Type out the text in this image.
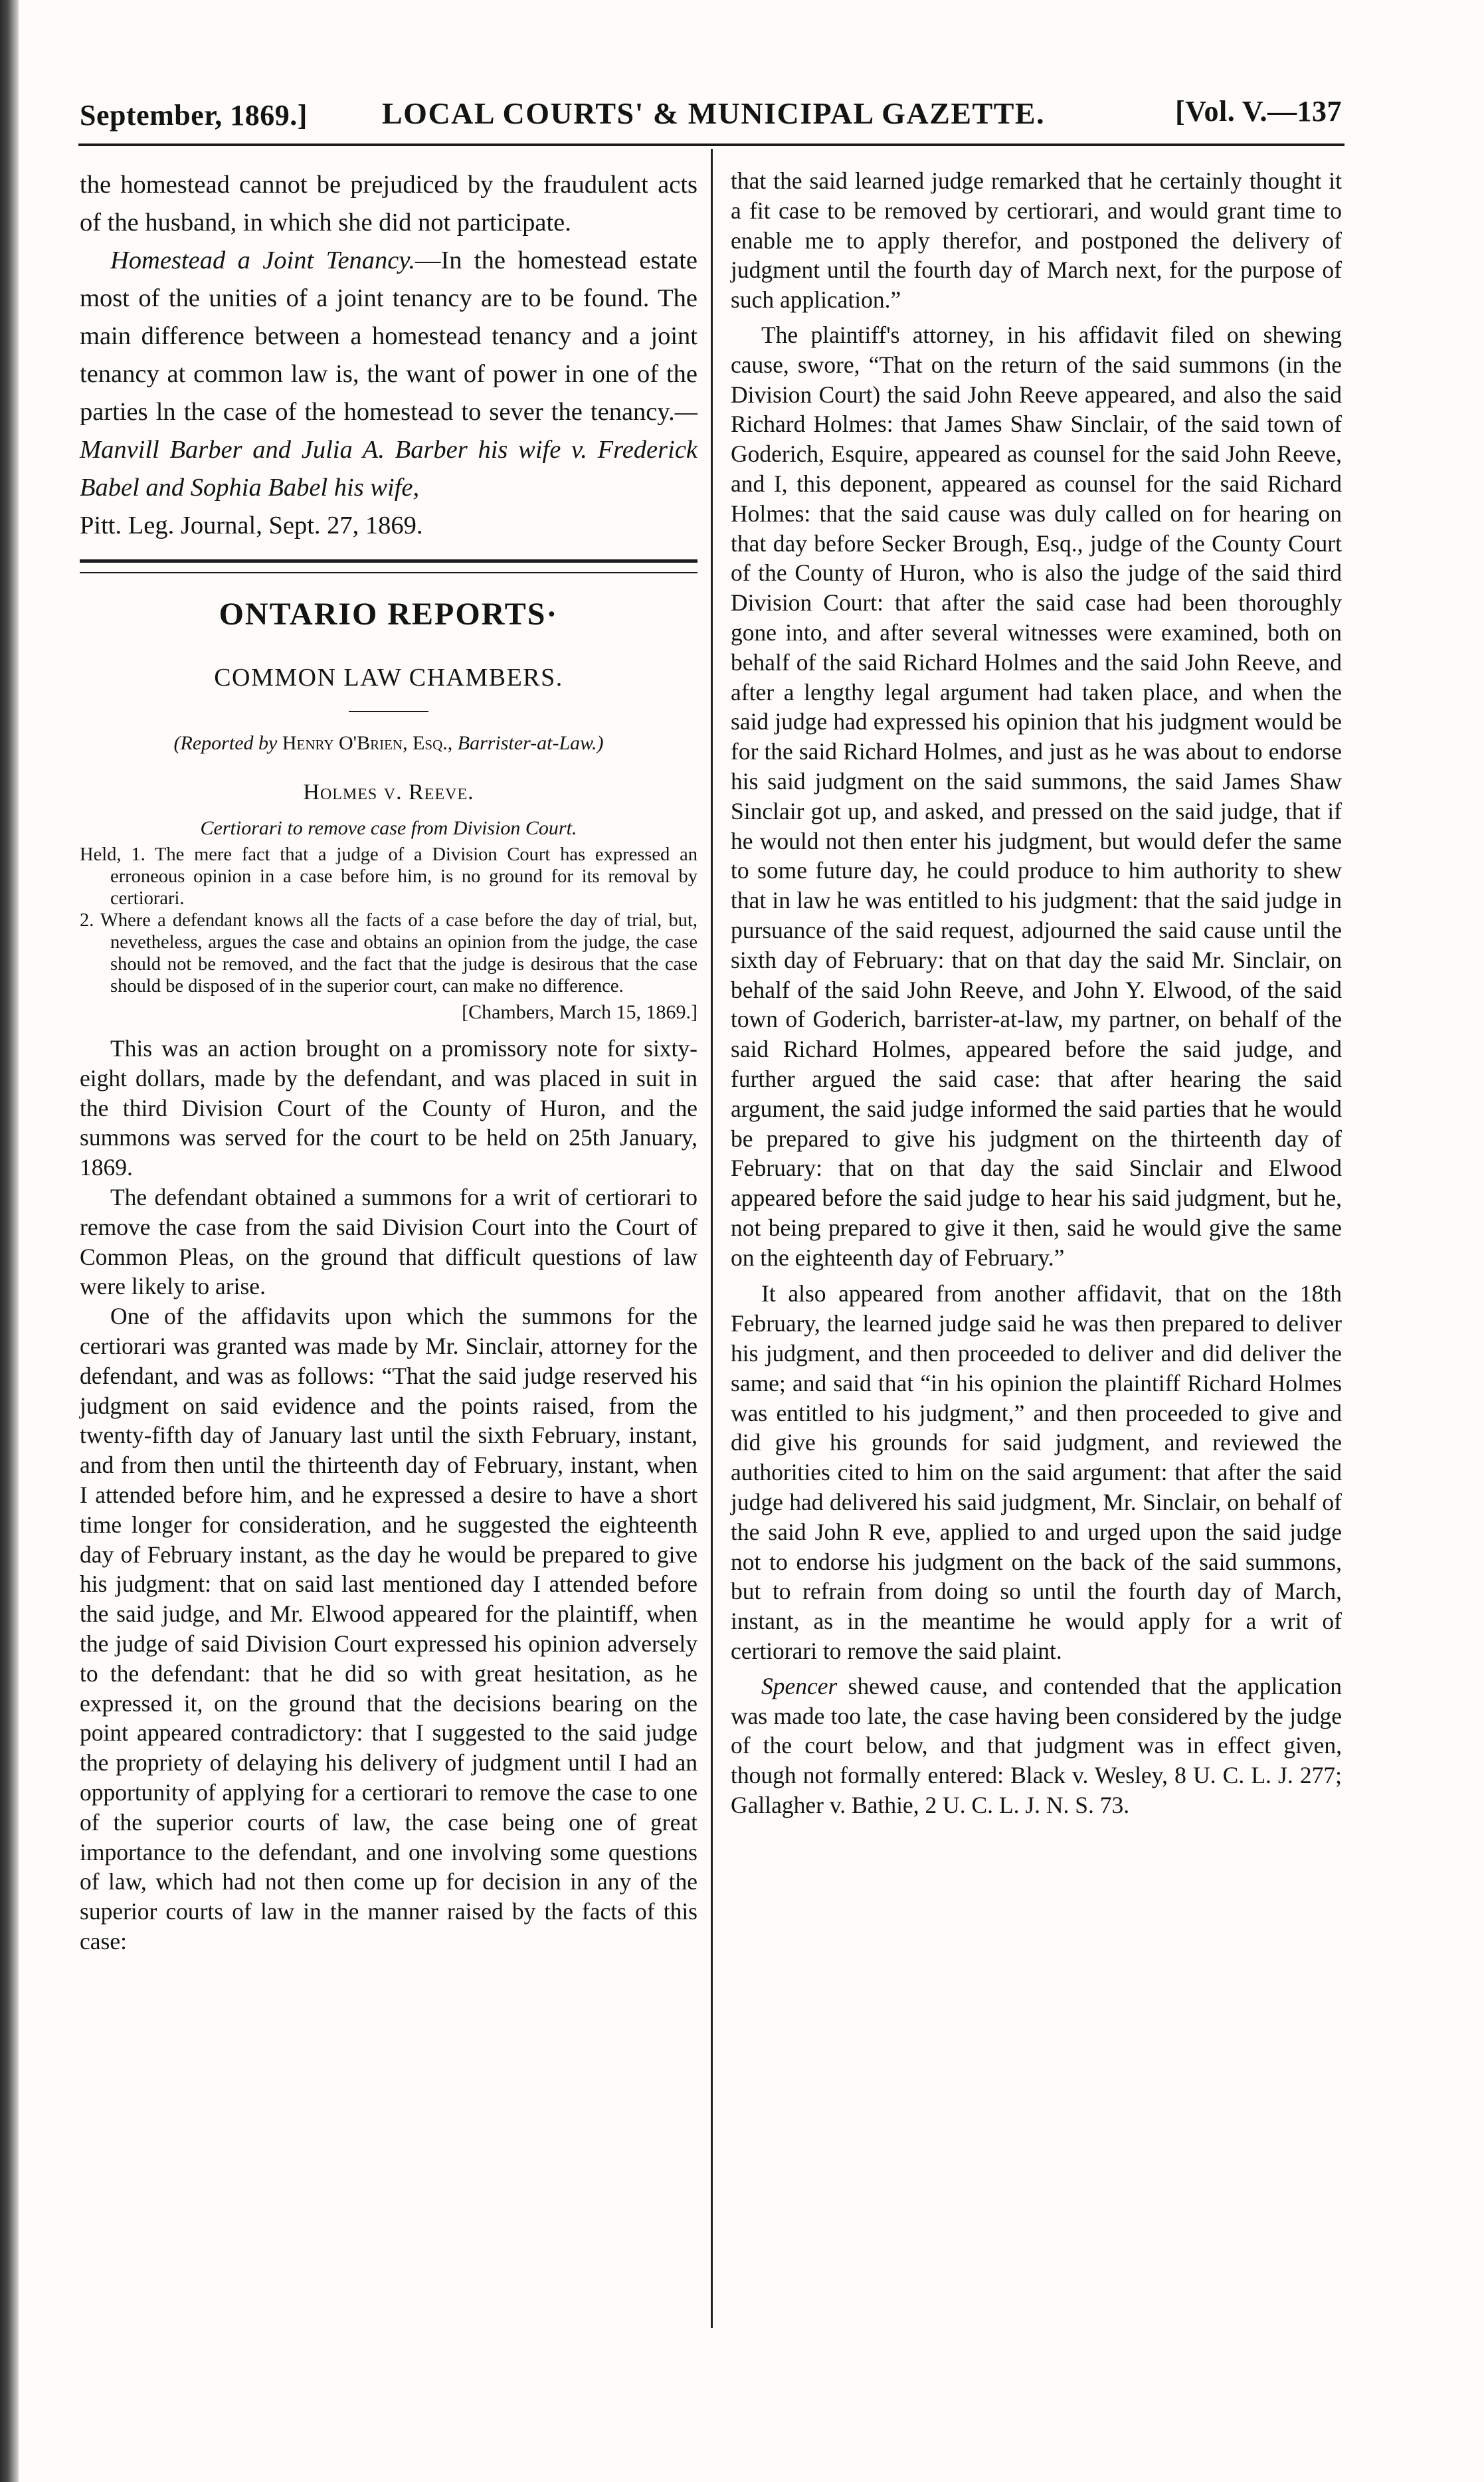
September, 1869.] LOCAL COURTS' & MUNICIPAL GAZETTE.	[Vol. V.—137

the homestead cannot be prejudiced by the fraudulent acts of the husband, in which she did not participate.

Homestead a Joint Tenancy.—In the homestead estate most of the unities of a joint tenancy are to be found. The main difference between a homestead tenancy and a joint tenancy at common law is, the want of power in one of the parties ln the case of the homestead to sever the tenancy.—Manvill Barber and Julia A. Barber his wife v. Frederick Babel and Sophia Babel his wife,

Pitt. Leg. Journal, Sept. 27, 1869.

ONTARIO REPORTS·
COMMON LAW CHAMBERS.
(Reported by Henry O'Brien, Esq., Barrister-at-Law.)
Holmes v. Reeve.
Certiorari to remove case from Division Court.

Held, 1. The mere fact that a judge of a Division Court has expressed an erroneous opinion in a case before him, is no ground for its removal by certiorari.

2. Where a defendant knows all the facts of a case before the day of trial, but, nevetheless, argues the case and obtains an opinion from the judge, the case should not be removed, and the fact that the judge is desirous that the case should be disposed of in the superior court, can make no difference.

[Chambers, March 15, 1869.]

This was an action brought on a promissory note for sixty-eight dollars, made by the defendant, and was placed in suit in the third Division Court of the County of Huron, and the summons was served for the court to be held on 25th January, 1869.

The defendant obtained a summons for a writ of certiorari to remove the case from the said Division Court into the Court of Common Pleas, on the ground that difficult questions of law were likely to arise.

One of the affidavits upon which the summons for the certiorari was granted was made by Mr. Sinclair, attorney for the defendant, and was as follows: “That the said judge reserved his judgment on said evidence and the points raised, from the twenty-fifth day of January last until the sixth February, instant, and from then until the thirteenth day of February, instant, when I attended before him, and he expressed a desire to have a short time longer for consideration, and he suggested the eighteenth day of February instant, as the day he would be prepared to give his judgment: that on said last mentioned day I attended before the said judge, and Mr. Elwood appeared for the plaintiff, when the judge of said Division Court expressed his opinion adversely to the defendant: that he did so with great hesitation, as he expressed it, on the ground that the decisions bearing on the point appeared contradictory: that I suggested to the said judge the propriety of delaying his delivery of judgment until I had an opportunity of applying for a certiorari to remove the case to one of the superior courts of law, the case being one of great importance to the defendant, and one involving some questions of law, which had not then come up for decision in any of the superior courts of law in the manner raised by the facts of this case:

that the said learned judge remarked that he certainly thought it a fit case to be removed by certiorari, and would grant time to enable me to apply therefor, and postponed the delivery of judgment until the fourth day of March next, for the purpose of such application.”

The plaintiff's attorney, in his affidavit filed on shewing cause, swore, “That on the return of the said summons (in the Division Court) the said John Reeve appeared, and also the said Richard Holmes: that James Shaw Sinclair, of the said town of Goderich, Esquire, appeared as counsel for the said John Reeve, and I, this deponent, appeared as counsel for the said Richard Holmes: that the said cause was duly called on for hearing on that day before Secker Brough, Esq., judge of the County Court of the County of Huron, who is also the judge of the said third Division Court: that after the said case had been thoroughly gone into, and after several witnesses were examined, both on behalf of the said Richard Holmes and the said John Reeve, and after a lengthy legal argument had taken place, and when the said judge had expressed his opinion that his judgment would be for the said Richard Holmes, and just as he was about to endorse his said judgment on the said summons, the said James Shaw Sinclair got up, and asked, and pressed on the said judge, that if he would not then enter his judgment, but would defer the same to some future day, he could produce to him authority to shew that in law he was entitled to his judgment: that the said judge in pursuance of the said request, adjourned the said cause until the sixth day of February: that on that day the said Mr. Sinclair, on behalf of the said John Reeve, and John Y. Elwood, of the said town of Goderich, barrister-at-law, my partner, on behalf of the said Richard Holmes, appeared before the said judge, and further argued the said case: that after hearing the said argument, the said judge informed the said parties that he would be prepared to give his judgment on the thirteenth day of February: that on that day the said Sinclair and Elwood appeared before the said judge to hear his said judgment, but he, not being prepared to give it then, said he would give the same on the eighteenth day of February.”

It also appeared from another affidavit, that on the 18th February, the learned judge said he was then prepared to deliver his judgment, and then proceeded to deliver and did deliver the same; and said that “in his opinion the plaintiff Richard Holmes was entitled to his judgment,” and then proceeded to give and did give his grounds for said judgment, and reviewed the authorities cited to him on the said argument: that after the said judge had delivered his said judgment, Mr. Sinclair, on behalf of the said John R eve, applied to and urged upon the said judge not to endorse his judgment on the back of the said summons, but to refrain from doing so until the fourth day of March, instant, as in the meantime he would apply for a writ of certiorari to remove the said plaint.

Spencer shewed cause, and contended that the application was made too late, the case having been considered by the judge of the court below, and that judgment was in effect given, though not formally entered: Black v. Wesley, 8 U. C. L. J. 277; Gallagher v. Bathie, 2 U. C. L. J. N. S. 73.
